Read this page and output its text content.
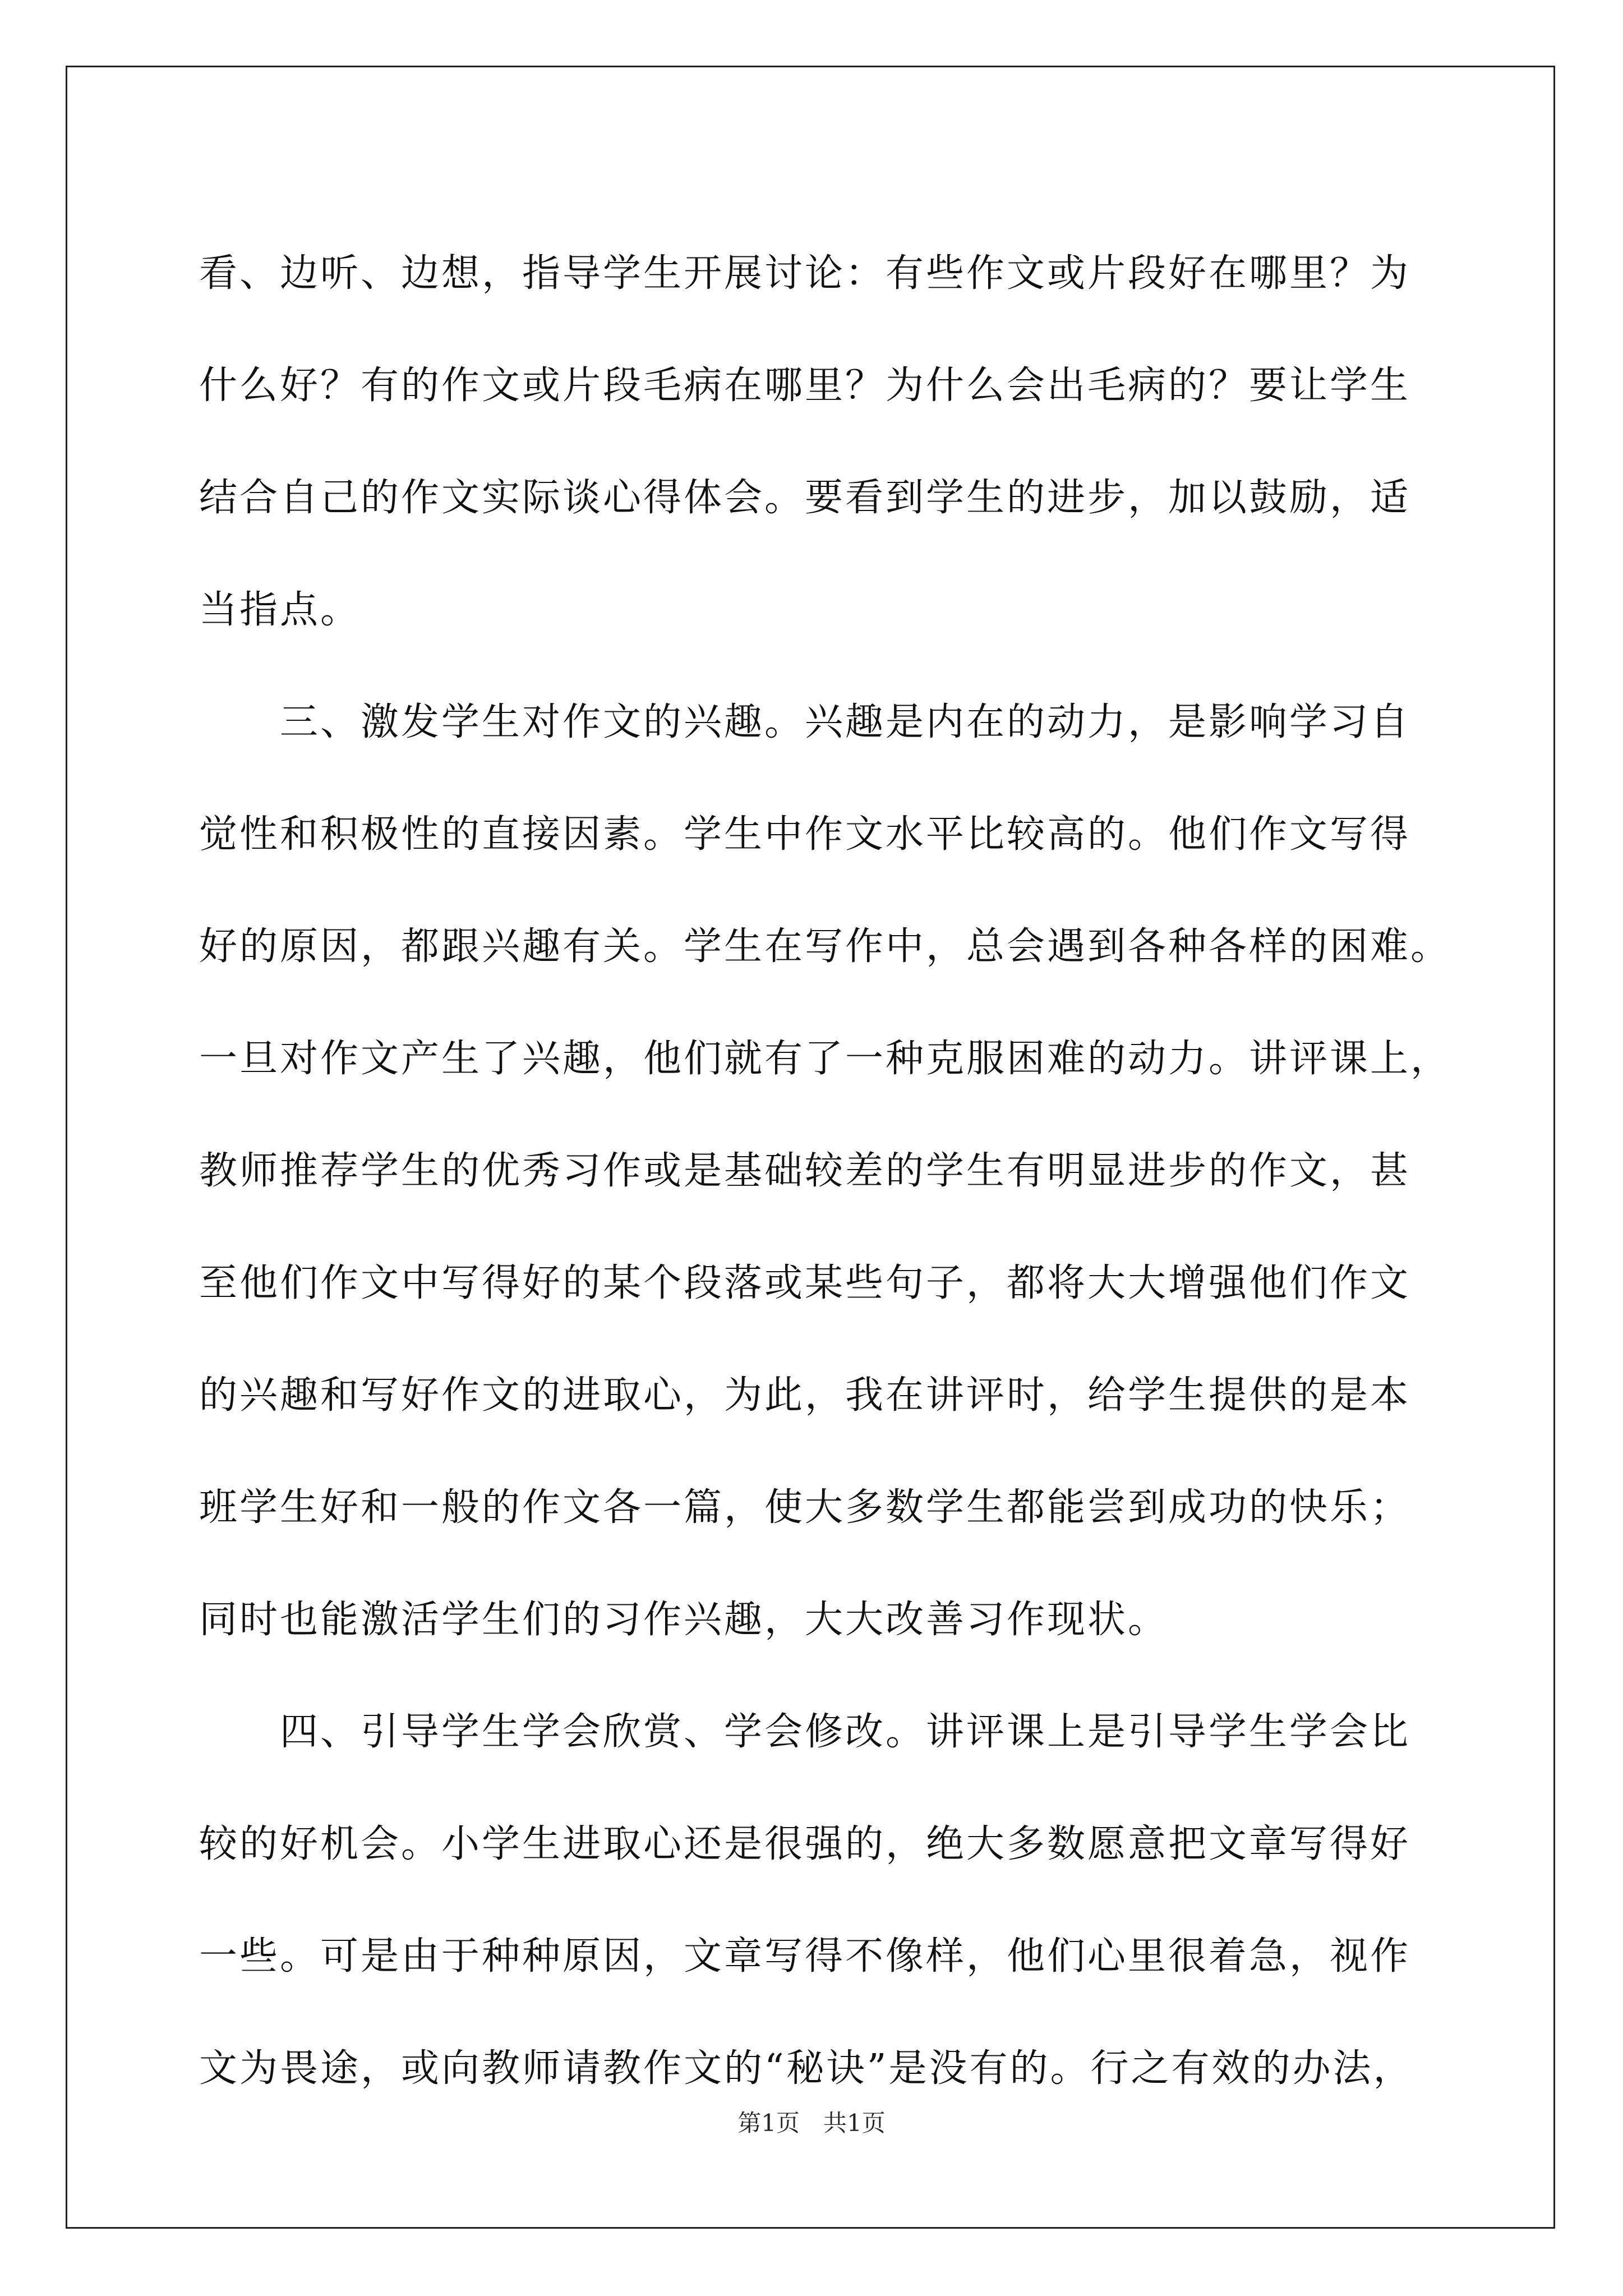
看、边听、边想，指导学生开展讨论：有些作文或片段好在哪里？为
什么好？有的作文或片段毛病在哪里？为什么会出毛病的？要让学生
结合自己的作文实际谈心得体会。要看到学生的进步，加以鼓励，适
当指点。
　　三、激发学生对作文的兴趣。兴趣是内在的动力，是影响学习自
觉性和积极性的直接因素。学生中作文水平比较高的。他们作文写得
好的原因，都跟兴趣有关。学生在写作中，总会遇到各种各样的困难。
一旦对作文产生了兴趣，他们就有了一种克服困难的动力。讲评课上，
教师推荐学生的优秀习作或是基础较差的学生有明显进步的作文，甚
至他们作文中写得好的某个段落或某些句子，都将大大增强他们作文
的兴趣和写好作文的进取心，为此，我在讲评时，给学生提供的是本
班学生好和一般的作文各一篇，使大多数学生都能尝到成功的快乐；
同时也能激活学生们的习作兴趣，大大改善习作现状。
　　四、引导学生学会欣赏、学会修改。讲评课上是引导学生学会比
较的好机会。小学生进取心还是很强的，绝大多数愿意把文章写得好
一些。可是由于种种原因，文章写得不像样，他们心里很着急，视作
文为畏途，或向教师请教作文的“秘诀”是没有的。行之有效的办法，
第1页　共1页
